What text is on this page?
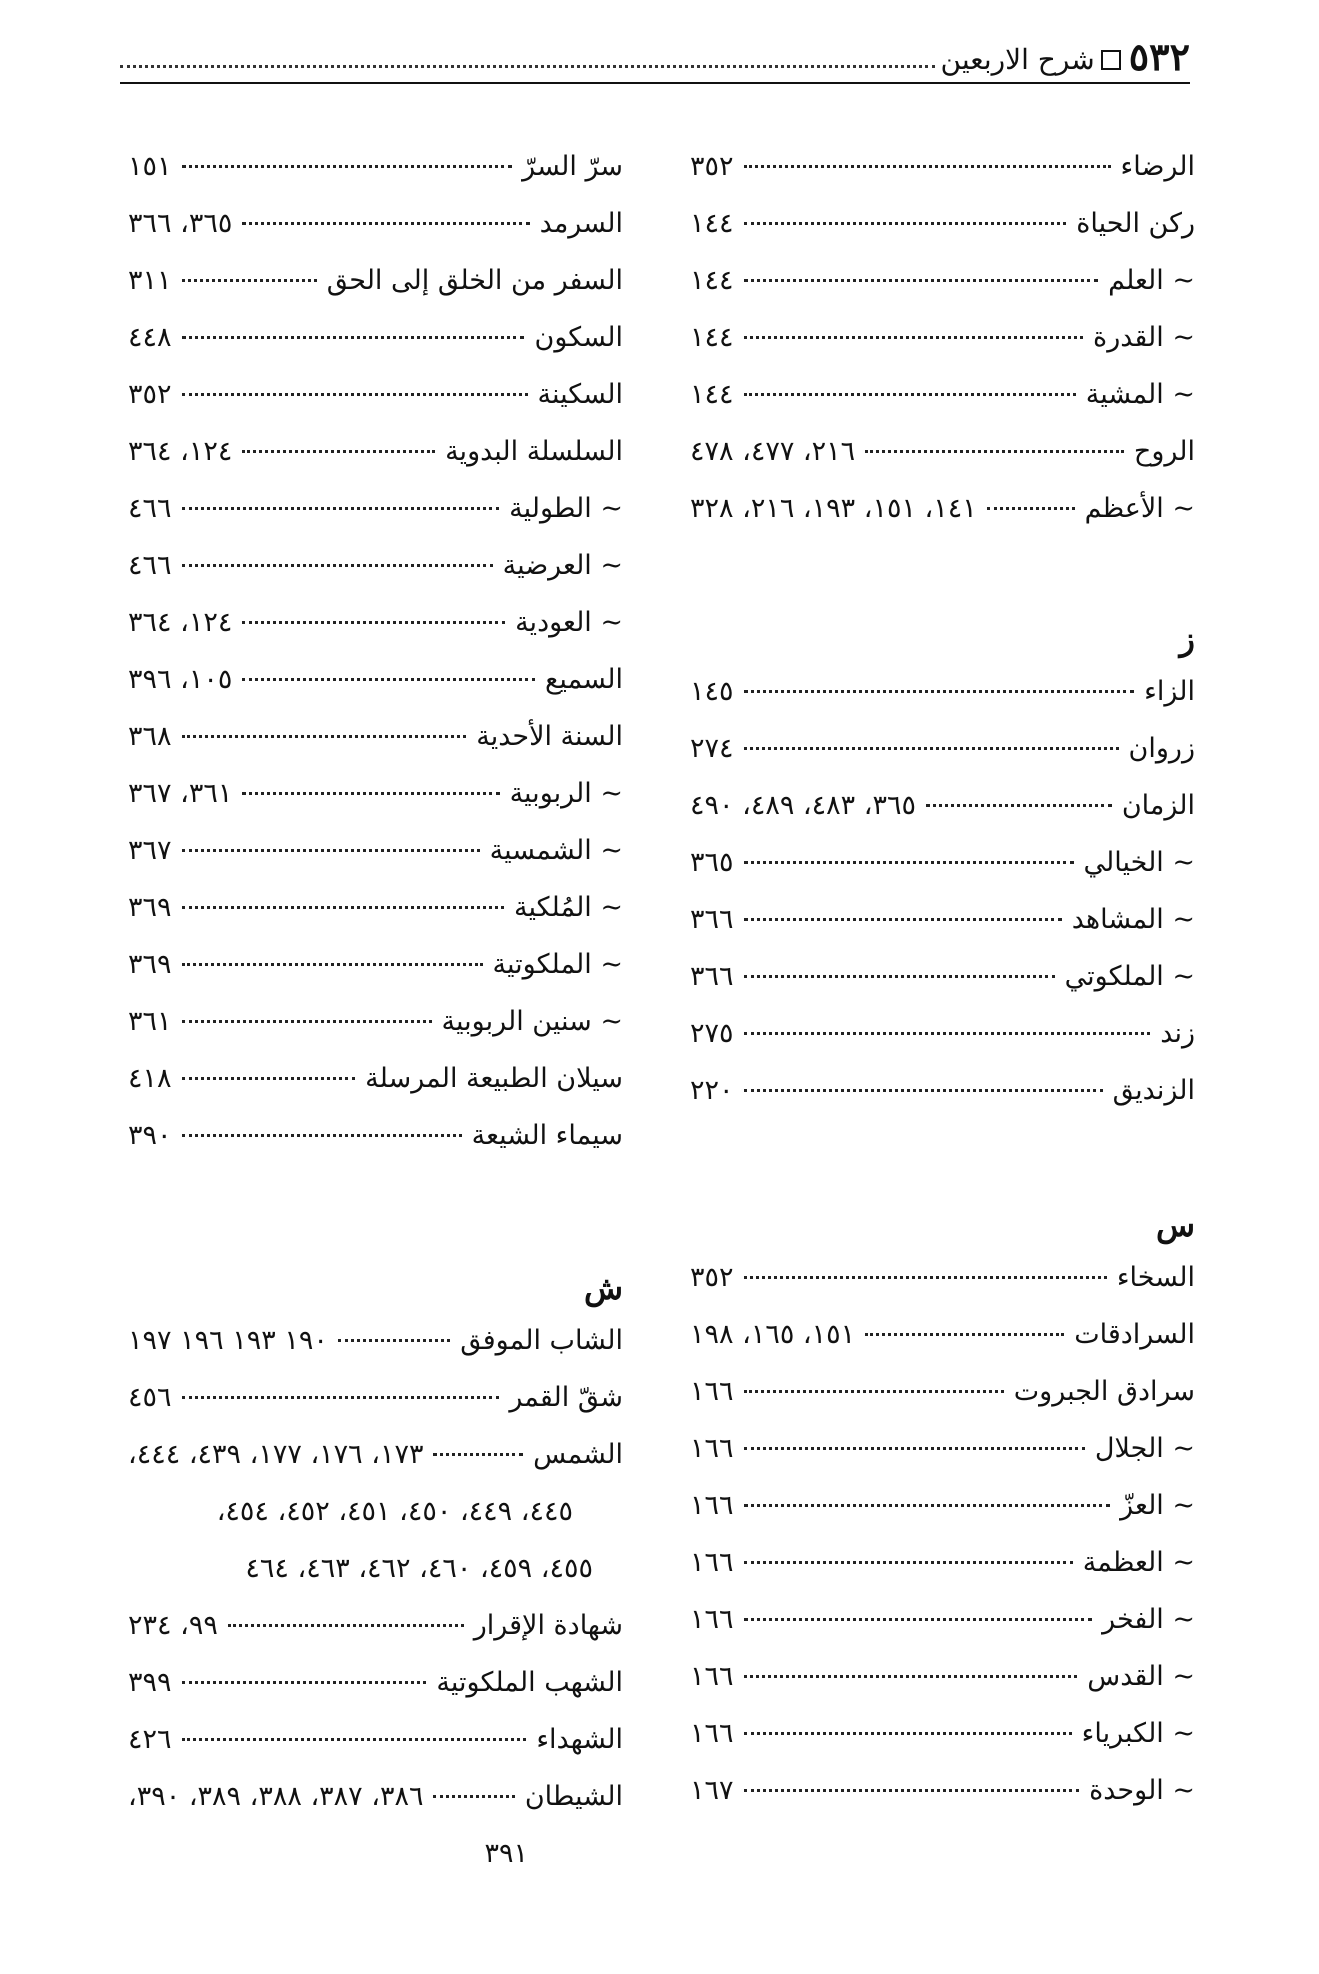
٥٣٢
شرح الاربعين
الرضاء
٣٥٢
ركن الحياة
١٤٤
~ العلم
١٤٤
~ القدرة
١٤٤
~ المشية
١٤٤
الروح
٢١٦، ٤٧٧، ٤٧٨
~ الأعظم
١٤١، ١٥١، ١٩٣، ٢١٦، ٣٢٨
ز
الزاء
١٤٥
زروان
٢٧٤
الزمان
٣٦٥، ٤٨٣، ٤٨٩، ٤٩٠
~ الخيالي
٣٦٥
~ المشاهد
٣٦٦
~ الملكوتي
٣٦٦
زند
٢٧٥
الزنديق
٢٢٠
س
السخاء
٣٥٢
السرادقات
١٥١، ١٦٥، ١٩٨
سرادق الجبروت
١٦٦
~ الجلال
١٦٦
~ العزّ
١٦٦
~ العظمة
١٦٦
~ الفخر
١٦٦
~ القدس
١٦٦
~ الكبرياء
١٦٦
~ الوحدة
١٦٧
سرّ السرّ
١٥١
السرمد
٣٦٥، ٣٦٦
السفر من الخلق إلى الحق
٣١١
السكون
٤٤٨
السكينة
٣٥٢
السلسلة البدوية
١٢٤، ٣٦٤
~ الطولية
٤٦٦
~ العرضية
٤٦٦
~ العودية
١٢٤، ٣٦٤
السميع
١٠٥، ٣٩٦
السنة الأحدية
٣٦٨
~ الربوبية
٣٦١، ٣٦٧
~ الشمسية
٣٦٧
~ المُلكية
٣٦٩
~ الملكوتية
٣٦٩
~ سنين الربوبية
٣٦١
سيلان الطبيعة المرسلة
٤١٨
سيماء الشيعة
٣٩٠
ش
الشاب الموفق
١٩٠ ١٩٣ ١٩٦ ١٩٧
شقّ القمر
٤٥٦
الشمس
١٧٣، ١٧٦، ١٧٧، ٤٣٩، ٤٤٤،
٤٤٥، ٤٤٩، ٤٥٠، ٤٥١، ٤٥٢، ٤٥٤،
٤٥٥، ٤٥٩، ٤٦٠، ٤٦٢، ٤٦٣، ٤٦٤
شهادة الإقرار
٩٩، ٢٣٤
الشهب الملكوتية
٣٩٩
الشهداء
٤٢٦
الشيطان
٣٨٦، ٣٨٧، ٣٨٨، ٣٨٩، ٣٩٠،
٣٩١
